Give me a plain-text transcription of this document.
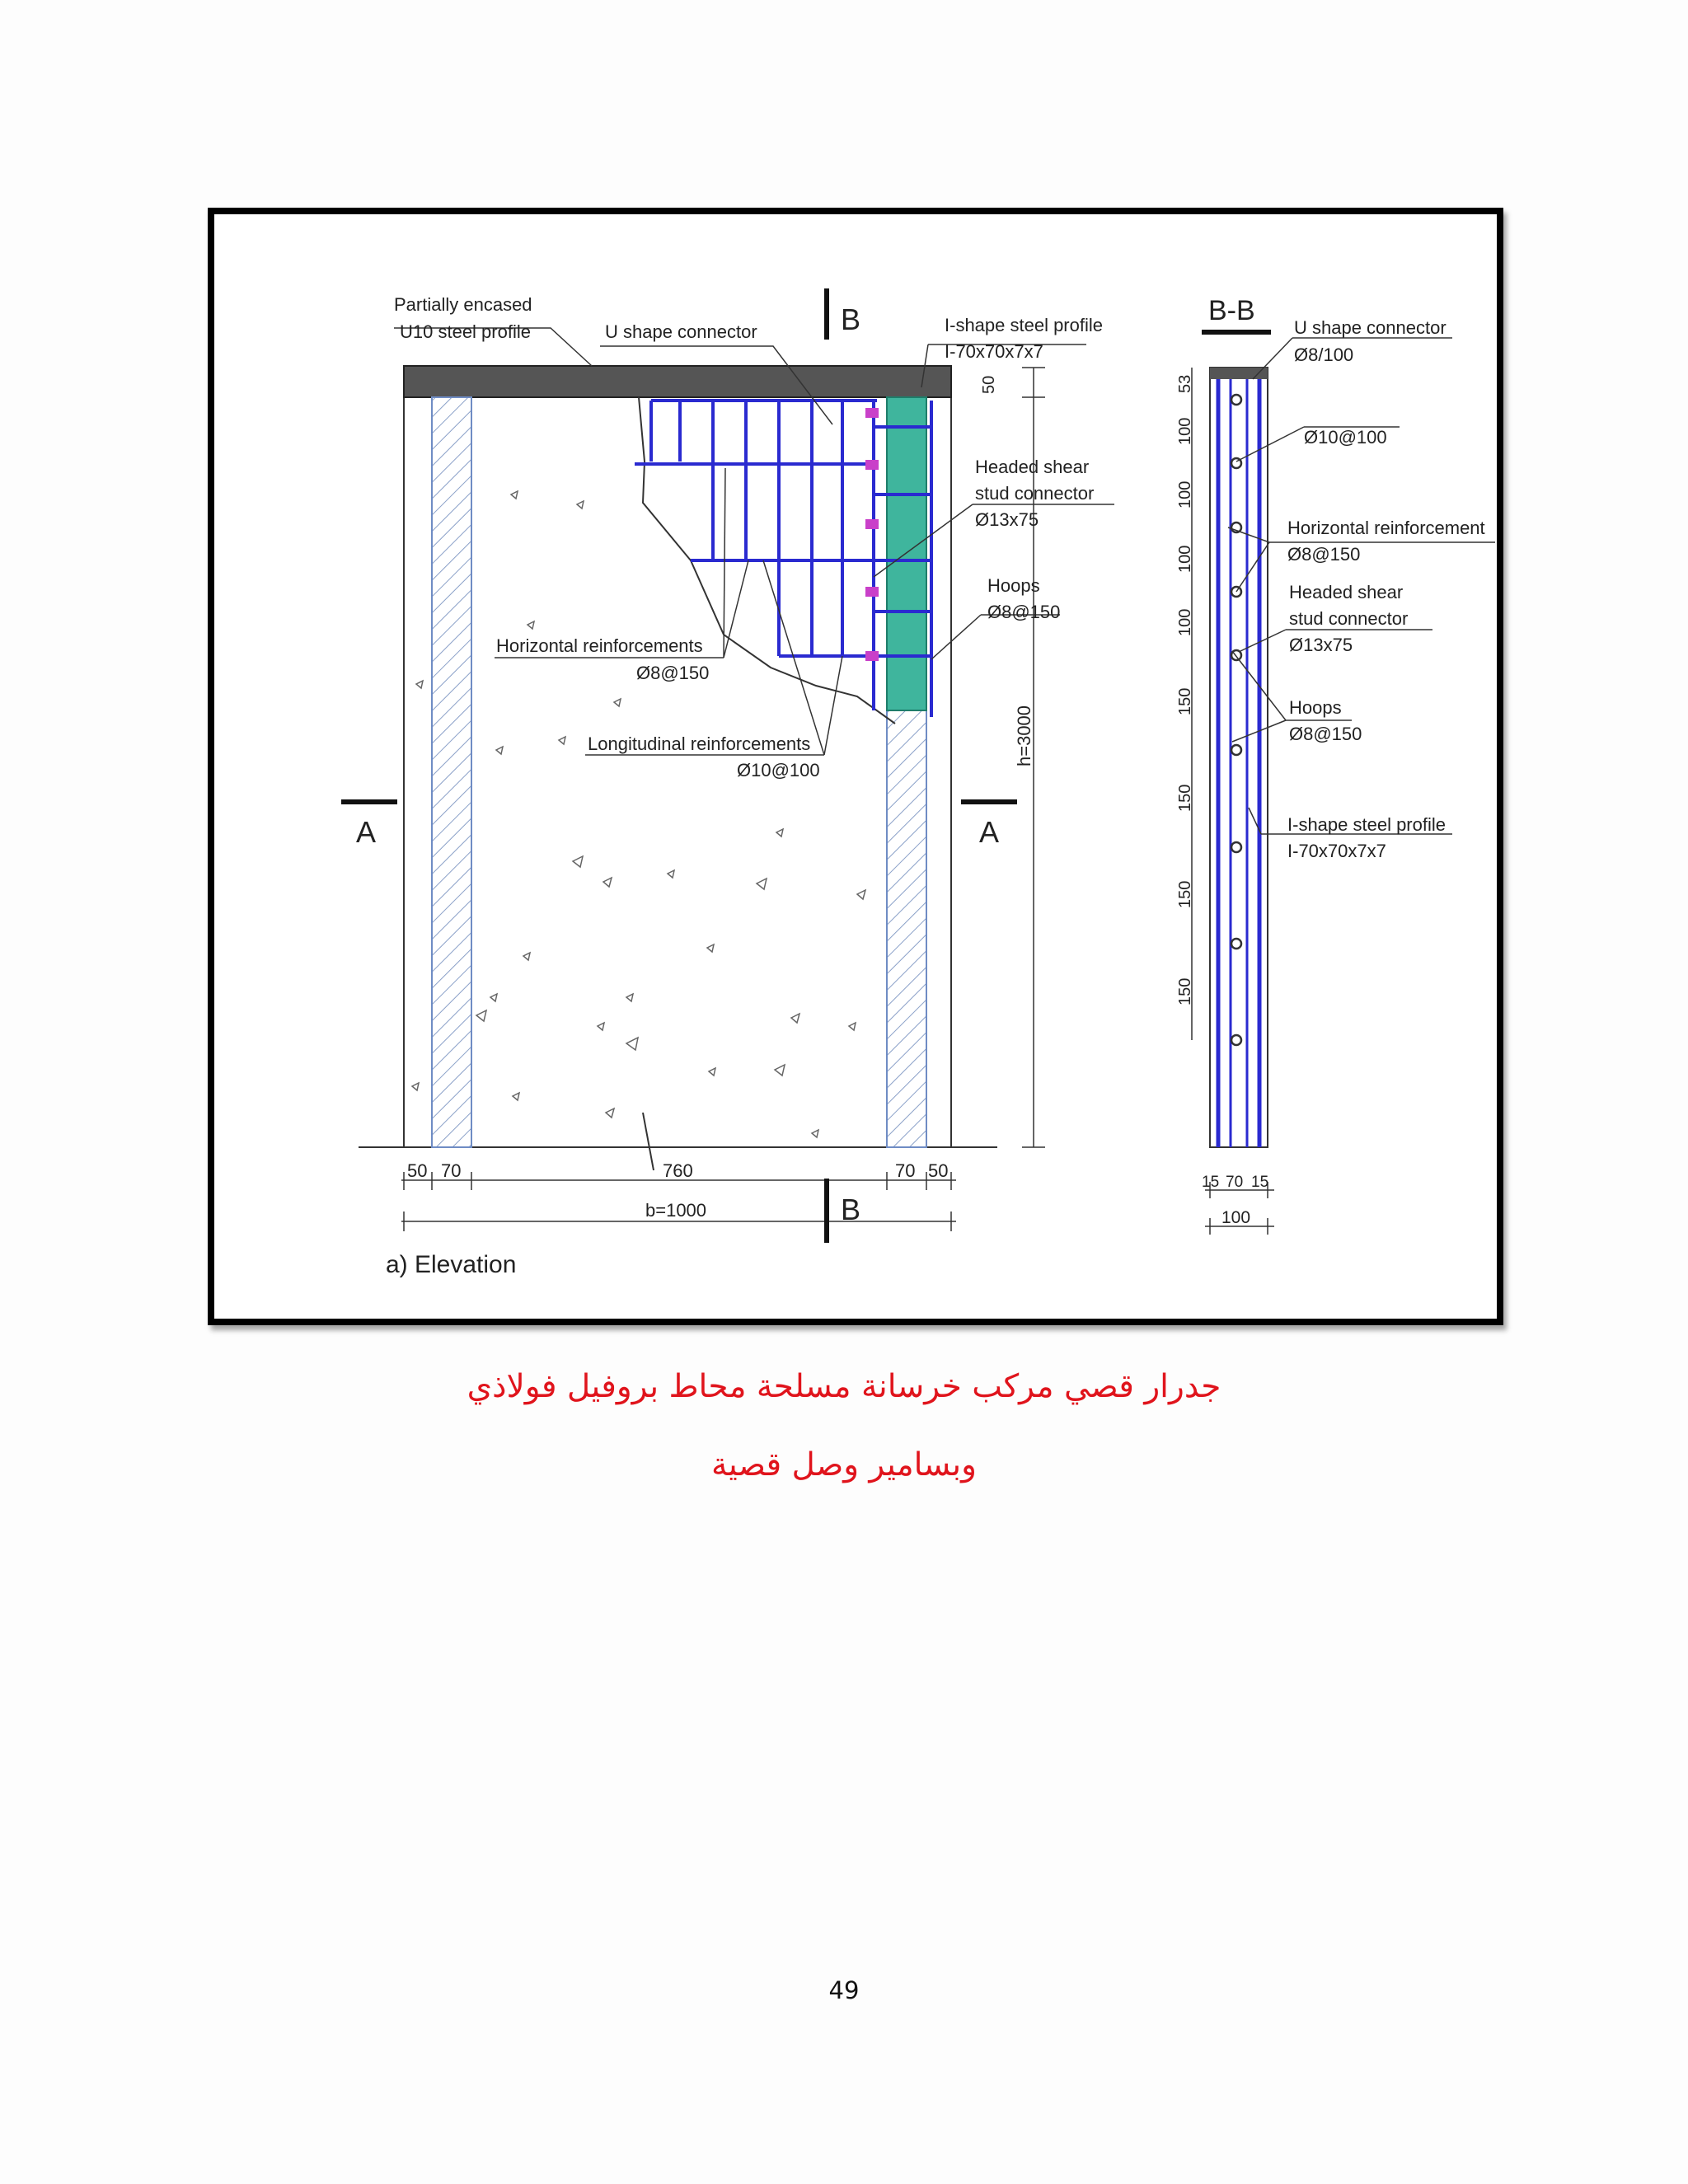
B
B
A	A
Partially encased
U10 steel profile	U shape connector	I-shape steel profile
I-70x70x7x7
Headed shear
stud connector
Ø13x75
Hoops
Ø8@150
Horizontal reinforcements
Ø8@150
Longitudinal reinforcements
Ø10@100
50
h=3000
50 70	760	70 50
b=1000
a) Elevation
B-B
U shape connector
Ø8/100
Ø10@100
Horizontal reinforcement
Ø8@150
Headed shear
stud connector
Ø13x75
Hoops
Ø8@150
I-shape steel profile
I-70x70x7x7
53
100
100
100
100
150
150
150
150
15 70 15
100
جدرار قصي مركب خرسانة مسلحة محاط بروفيل فولاذي
وبسامير وصل قصية
49
